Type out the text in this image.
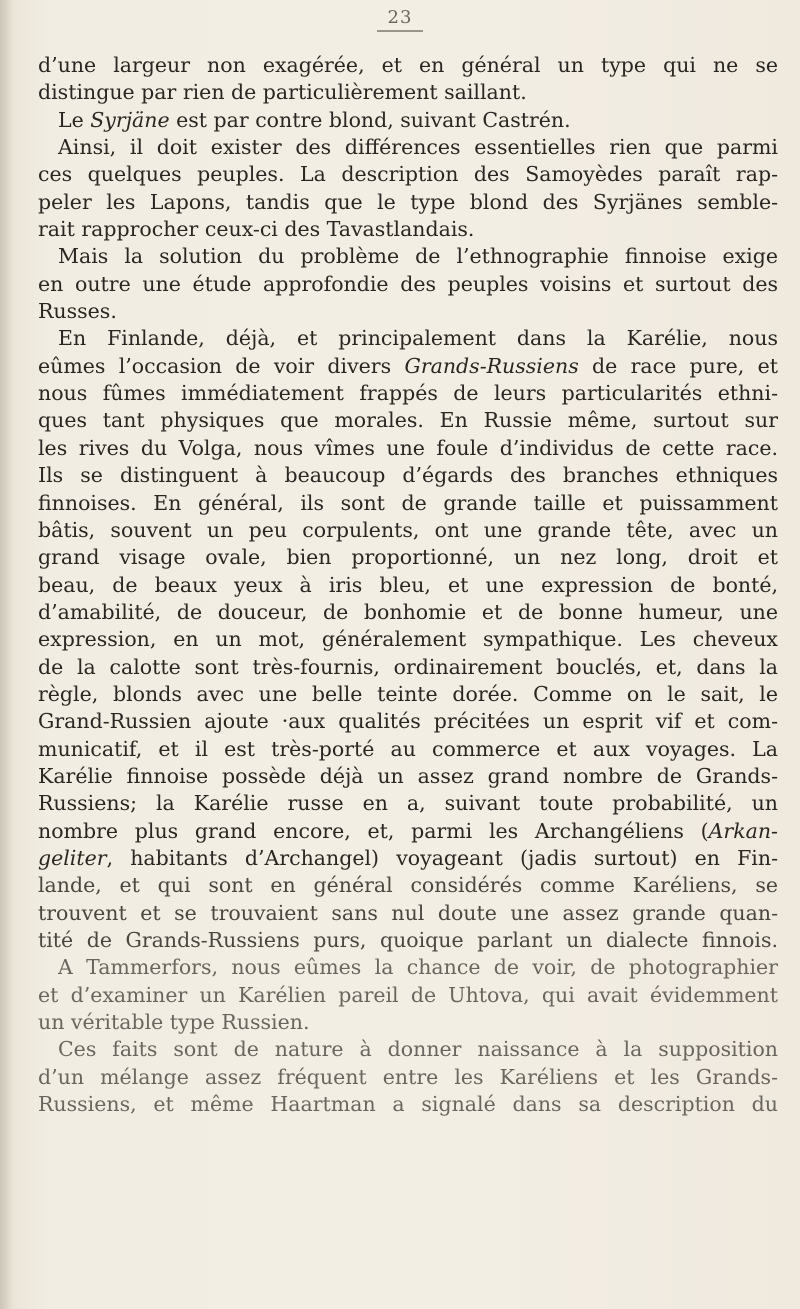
23
d’une largeur non exagérée, et en général un type qui ne se
distingue par rien de particulièrement saillant.
Le Syrjäne est par contre blond, suivant Castrén.
Ainsi, il doit exister des différences essentielles rien que parmi
ces quelques peuples. La description des Samoyèdes paraît rap-
peler les Lapons, tandis que le type blond des Syrjänes semble-
rait rapprocher ceux-ci des Tavastlandais.
Mais la solution du problème de l’ethnographie finnoise exige
en outre une étude approfondie des peuples voisins et surtout des
Russes.
En Finlande, déjà, et principalement dans la Karélie, nous
eûmes l’occasion de voir divers Grands-Russiens de race pure, et
nous fûmes immédiatement frappés de leurs particularités ethni-
ques tant physiques que morales. En Russie même, surtout sur
les rives du Volga, nous vîmes une foule d’individus de cette race.
Ils se distinguent à beaucoup d’égards des branches ethniques
finnoises. En général, ils sont de grande taille et puissamment
bâtis, souvent un peu corpulents, ont une grande tête, avec un
grand visage ovale, bien proportionné, un nez long, droit et
beau, de beaux yeux à iris bleu, et une expression de bonté,
d’amabilité, de douceur, de bonhomie et de bonne humeur, une
expression, en un mot, généralement sympathique. Les cheveux
de la calotte sont très-fournis, ordinairement bouclés, et, dans la
règle, blonds avec une belle teinte dorée. Comme on le sait, le
Grand-Russien ajoute ·aux qualités précitées un esprit vif et com-
municatif, et il est très-porté au commerce et aux voyages. La
Karélie finnoise possède déjà un assez grand nombre de Grands-
Russiens; la Karélie russe en a, suivant toute probabilité, un
nombre plus grand encore, et, parmi les Archangéliens (Arkan-
geliter, habitants d’Archangel) voyageant (jadis surtout) en Fin-
lande, et qui sont en général considérés comme Karéliens, se
trouvent et se trouvaient sans nul doute une assez grande quan-
tité de Grands-Russiens purs, quoique parlant un dialecte finnois.
A Tammerfors, nous eûmes la chance de voir, de photographier
et d’examiner un Karélien pareil de Uhtova, qui avait évidemment
un véritable type Russien.
Ces faits sont de nature à donner naissance à la supposition
d’un mélange assez fréquent entre les Karéliens et les Grands-
Russiens, et même Haartman a signalé dans sa description du
